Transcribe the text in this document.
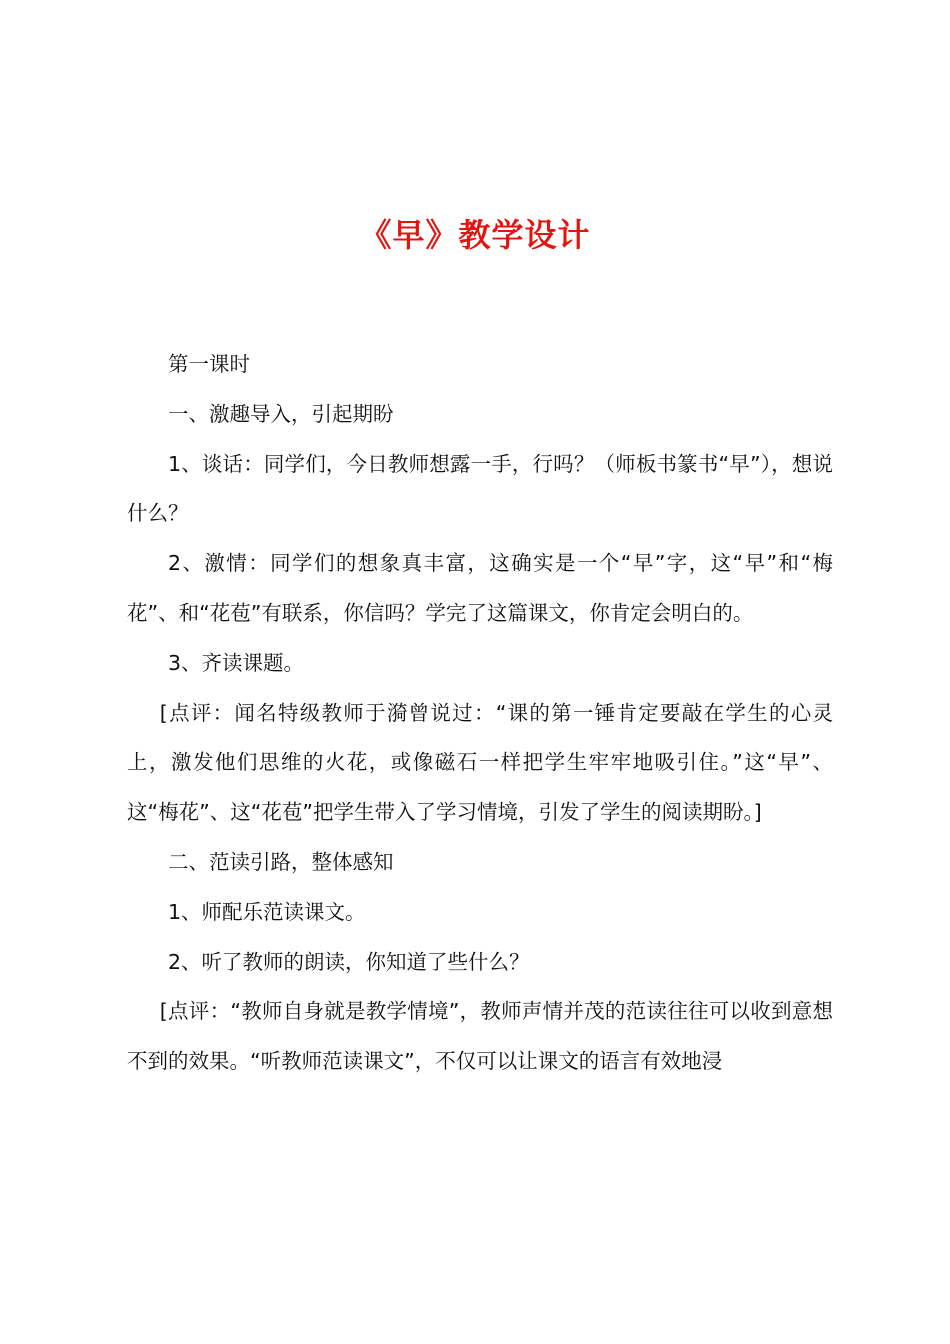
《早》教学设计

第一课时

一、激趣导入，引起期盼

1、谈话：同学们，今日教师想露一手，行吗？（师板书篆书“早”），想说什么？

2、激情：同学们的想象真丰富，这确实是一个“早”字，这“早”和“梅花”、和“花苞”有联系，你信吗？学完了这篇课文，你肯定会明白的。

3、齐读课题。

[点评：闻名特级教师于漪曾说过：“课的第一锤肯定要敲在学生的心灵上，激发他们思维的火花，或像磁石一样把学生牢牢地吸引住。”这“早”、这“梅花”、这“花苞”把学生带入了学习情境，引发了学生的阅读期盼。]

二、范读引路，整体感知

1、师配乐范读课文。

2、听了教师的朗读，你知道了些什么？

[点评：“教师自身就是教学情境”，教师声情并茂的范读往往可以收到意想不到的效果。“听教师范读课文”，不仅可以让课文的语言有效地浸
